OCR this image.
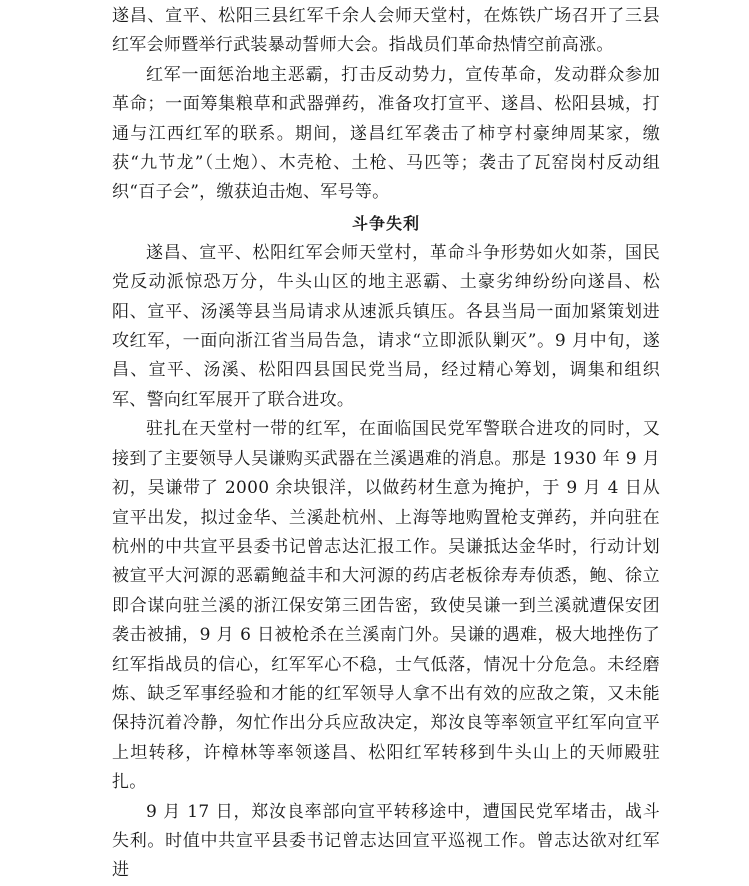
遂昌、宣平、松阳三县红军千余人会师天堂村，在炼铁广场召开了三县红军会师暨举行武装暴动誓师大会。指战员们革命热情空前高涨。

红军一面惩治地主恶霸，打击反动势力，宣传革命，发动群众参加革命；一面筹集粮草和武器弹药，准备攻打宣平、遂昌、松阳县城，打通与江西红军的联系。期间，遂昌红军袭击了柿亨村豪绅周某家，缴获“九节龙”（土炮）、木壳枪、土枪、马匹等；袭击了瓦窑岗村反动组织“百子会”，缴获迫击炮、军号等。

斗争失利

遂昌、宣平、松阳红军会师天堂村，革命斗争形势如火如荼，国民党反动派惊恐万分，牛头山区的地主恶霸、土豪劣绅纷纷向遂昌、松阳、宣平、汤溪等县当局请求从速派兵镇压。各县当局一面加紧策划进攻红军，一面向浙江省当局告急，请求“立即派队剿灭”。9 月中旬，遂昌、宣平、汤溪、松阳四县国民党当局，经过精心筹划，调集和组织军、警向红军展开了联合进攻。

驻扎在天堂村一带的红军，在面临国民党军警联合进攻的同时，又接到了主要领导人吴谦购买武器在兰溪遇难的消息。那是 1930 年 9 月初，吴谦带了 2000 余块银洋，以做药材生意为掩护，于 9 月 4 日从宣平出发，拟过金华、兰溪赴杭州、上海等地购置枪支弹药，并向驻在杭州的中共宣平县委书记曾志达汇报工作。吴谦抵达金华时，行动计划被宣平大河源的恶霸鲍益丰和大河源的药店老板徐寿寿侦悉，鲍、徐立即合谋向驻兰溪的浙江保安第三团告密，致使吴谦一到兰溪就遭保安团袭击被捕，9 月 6 日被枪杀在兰溪南门外。吴谦的遇难，极大地挫伤了红军指战员的信心，红军军心不稳，士气低落，情况十分危急。未经磨炼、缺乏军事经验和才能的红军领导人拿不出有效的应敌之策，又未能保持沉着冷静，匆忙作出分兵应敌决定，郑汝良等率领宣平红军向宣平上坦转移，许樟林等率领遂昌、松阳红军转移到牛头山上的天师殿驻扎。

9 月 17 日，郑汝良率部向宣平转移途中，遭国民党军堵击，战斗失利。时值中共宣平县委书记曾志达回宣平巡视工作。曾志达欲对红军进
